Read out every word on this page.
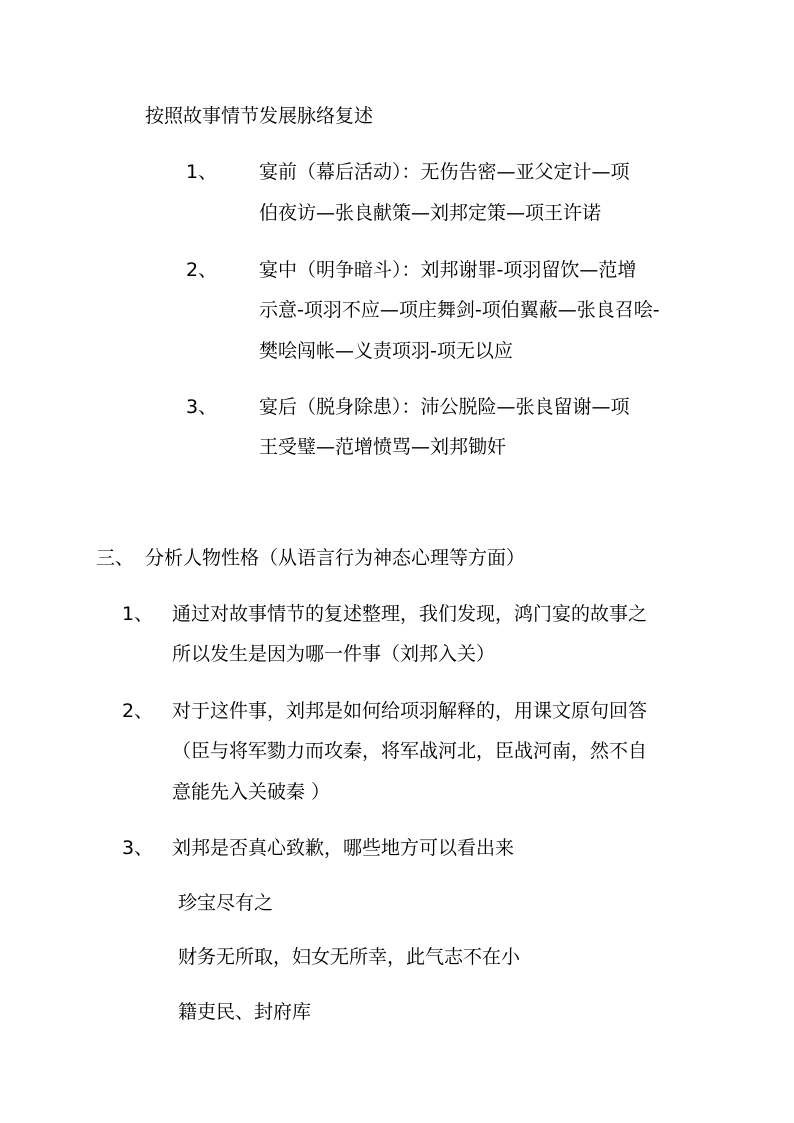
按照故事情节发展脉络复述
1、 宴前（幕后活动）：无伤告密—亚父定计—项
伯夜访—张良献策—刘邦定策—项王许诺
2、 宴中（明争暗斗）：刘邦谢罪-项羽留饮—范增
示意-项羽不应—项庄舞剑-项伯翼蔽—张良召哙-
樊哙闯帐—义责项羽-项无以应
3、 宴后（脱身除患）：沛公脱险—张良留谢—项
王受璧—范增愤骂—刘邦锄奸
三、 分析人物性格（从语言行为神态心理等方面）
1、 通过对故事情节的复述整理，我们发现，鸿门宴的故事之
所以发生是因为哪一件事（刘邦入关）
2、 对于这件事，刘邦是如何给项羽解释的，用课文原句回答
（臣与将军勠力而攻秦，将军战河北，臣战河南，然不自
意能先入关破秦 ）
3、 刘邦是否真心致歉，哪些地方可以看出来
珍宝尽有之
财务无所取，妇女无所幸，此气志不在小
籍吏民、封府库
